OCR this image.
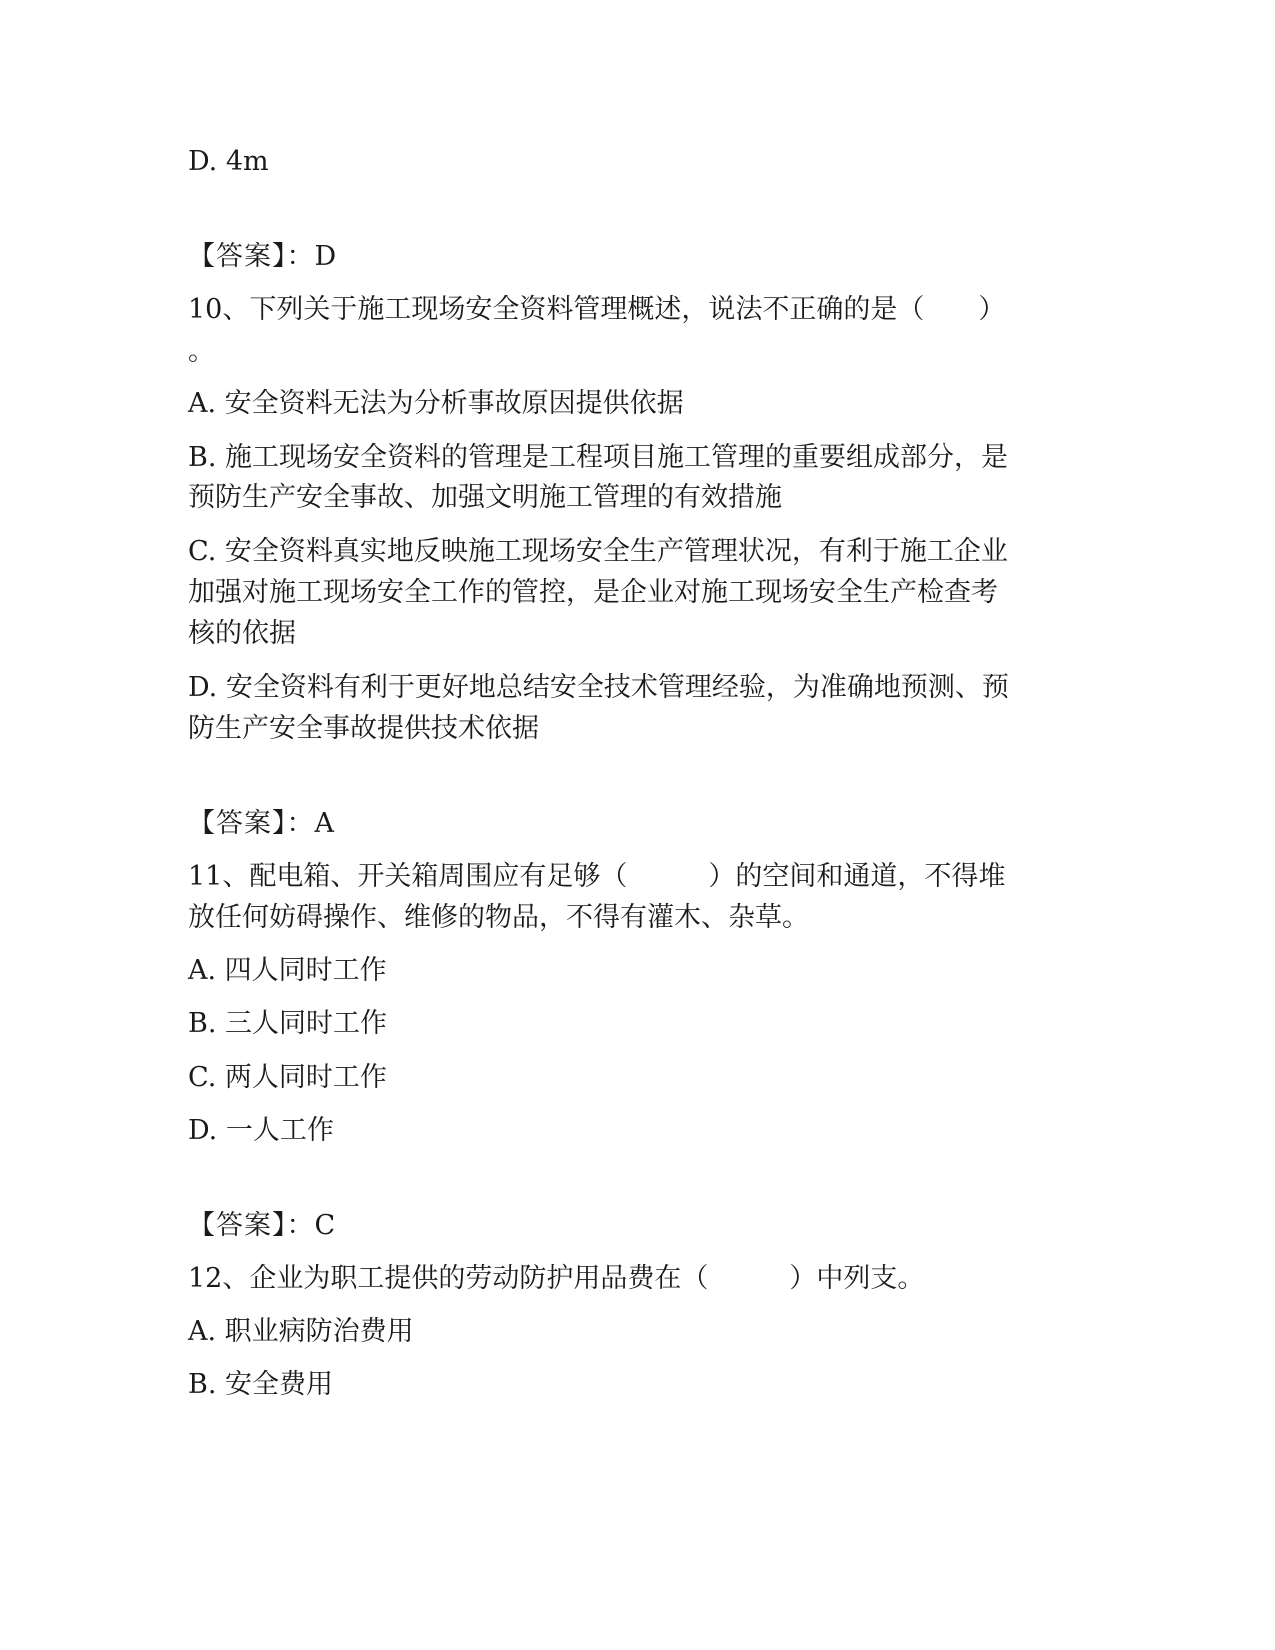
D. 4m

【答案】：D

10、下列关于施工现场安全资料管理概述，说法不正确的是（　　）

。

A. 安全资料无法为分析事故原因提供依据

B. 施工现场安全资料的管理是工程项目施工管理的重要组成部分，是

预防生产安全事故、加强文明施工管理的有效措施

C. 安全资料真实地反映施工现场安全生产管理状况，有利于施工企业

加强对施工现场安全工作的管控，是企业对施工现场安全生产检查考

核的依据

D. 安全资料有利于更好地总结安全技术管理经验，为准确地预测、预

防生产安全事故提供技术依据

【答案】：A

11、配电箱、开关箱周围应有足够（　　　）的空间和通道，不得堆

放任何妨碍操作、维修的物品，不得有灌木、杂草。

A. 四人同时工作

B. 三人同时工作

C. 两人同时工作

D. 一人工作

【答案】：C

12、企业为职工提供的劳动防护用品费在（　　　）中列支。

A. 职业病防治费用

B. 安全费用
